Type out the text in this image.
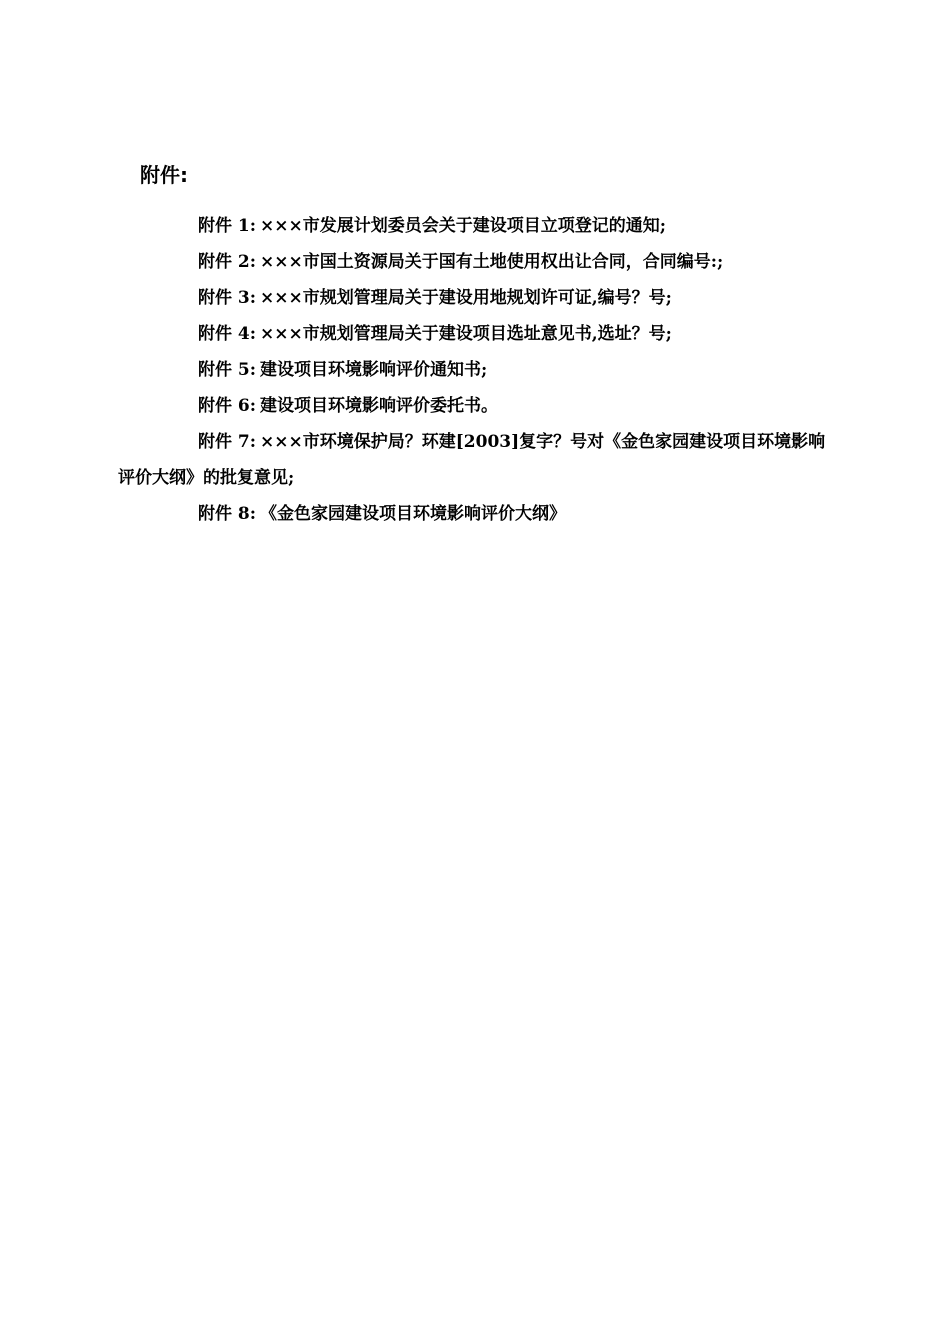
附件:
附件 1: ×××市发展计划委员会关于建设项目立项登记的通知;
附件 2: ×××市国土资源局关于国有土地使用权出让合同，合同编号:;
附件 3: ×××市规划管理局关于建设用地规划许可证,编号？号;
附件 4: ×××市规划管理局关于建设项目选址意见书,选址？号;
附件 5: 建设项目环境影响评价通知书;
附件 6: 建设项目环境影响评价委托书。
附件 7: ×××市环境保护局？环建[2003]复字？号对《金色家园建设项目环境影响评价大纲》的批复意见;
附件 8: 《金色家园建设项目环境影响评价大纲》
